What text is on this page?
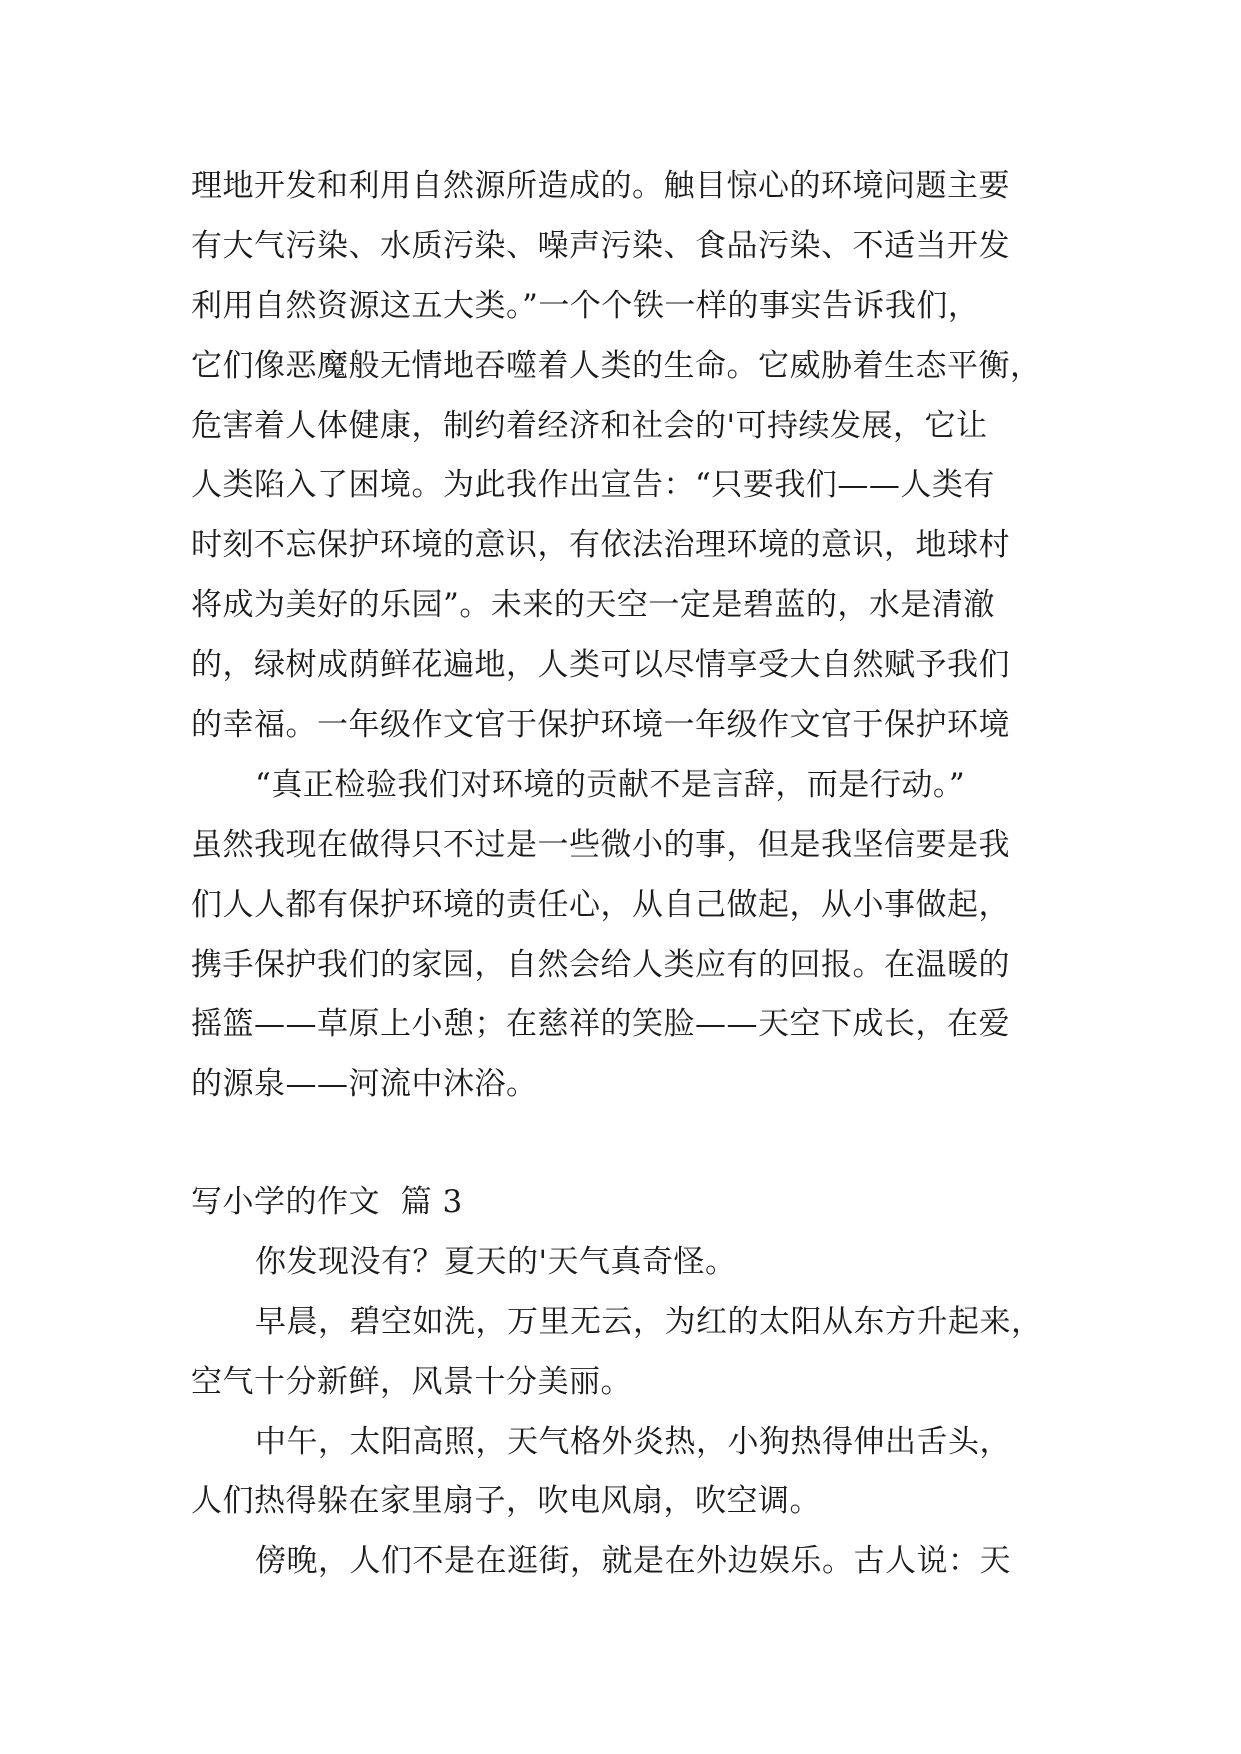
理地开发和利用自然源所造成的。触目惊心的环境问题主要
有大气污染、水质污染、噪声污染、食品污染、不适当开发
利用自然资源这五大类。”一个个铁一样的事实告诉我们，
它们像恶魔般无情地吞噬着人类的生命。它威胁着生态平衡，
危害着人体健康，制约着经济和社会的'可持续发展，它让
人类陷入了困境。为此我作出宣告：“只要我们——人类有
时刻不忘保护环境的意识，有依法治理环境的意识，地球村
将成为美好的乐园”。未来的天空一定是碧蓝的，水是清澈
的，绿树成荫鲜花遍地，人类可以尽情享受大自然赋予我们
的幸福。一年级作文官于保护环境一年级作文官于保护环境
“真正检验我们对环境的贡献不是言辞，而是行动。”
虽然我现在做得只不过是一些微小的事，但是我坚信要是我
们人人都有保护环境的责任心，从自己做起，从小事做起，
携手保护我们的家园，自然会给人类应有的回报。在温暖的
摇篮——草原上小憩；在慈祥的笑脸——天空下成长，在爱
的源泉——河流中沐浴。
写小学的作文  篇 3
你发现没有？夏天的'天气真奇怪。
早晨，碧空如洗，万里无云，为红的太阳从东方升起来，
空气十分新鲜，风景十分美丽。
中午，太阳高照，天气格外炎热，小狗热得伸出舌头，
人们热得躲在家里扇子，吹电风扇，吹空调。
傍晚，人们不是在逛街，就是在外边娱乐。古人说：天
